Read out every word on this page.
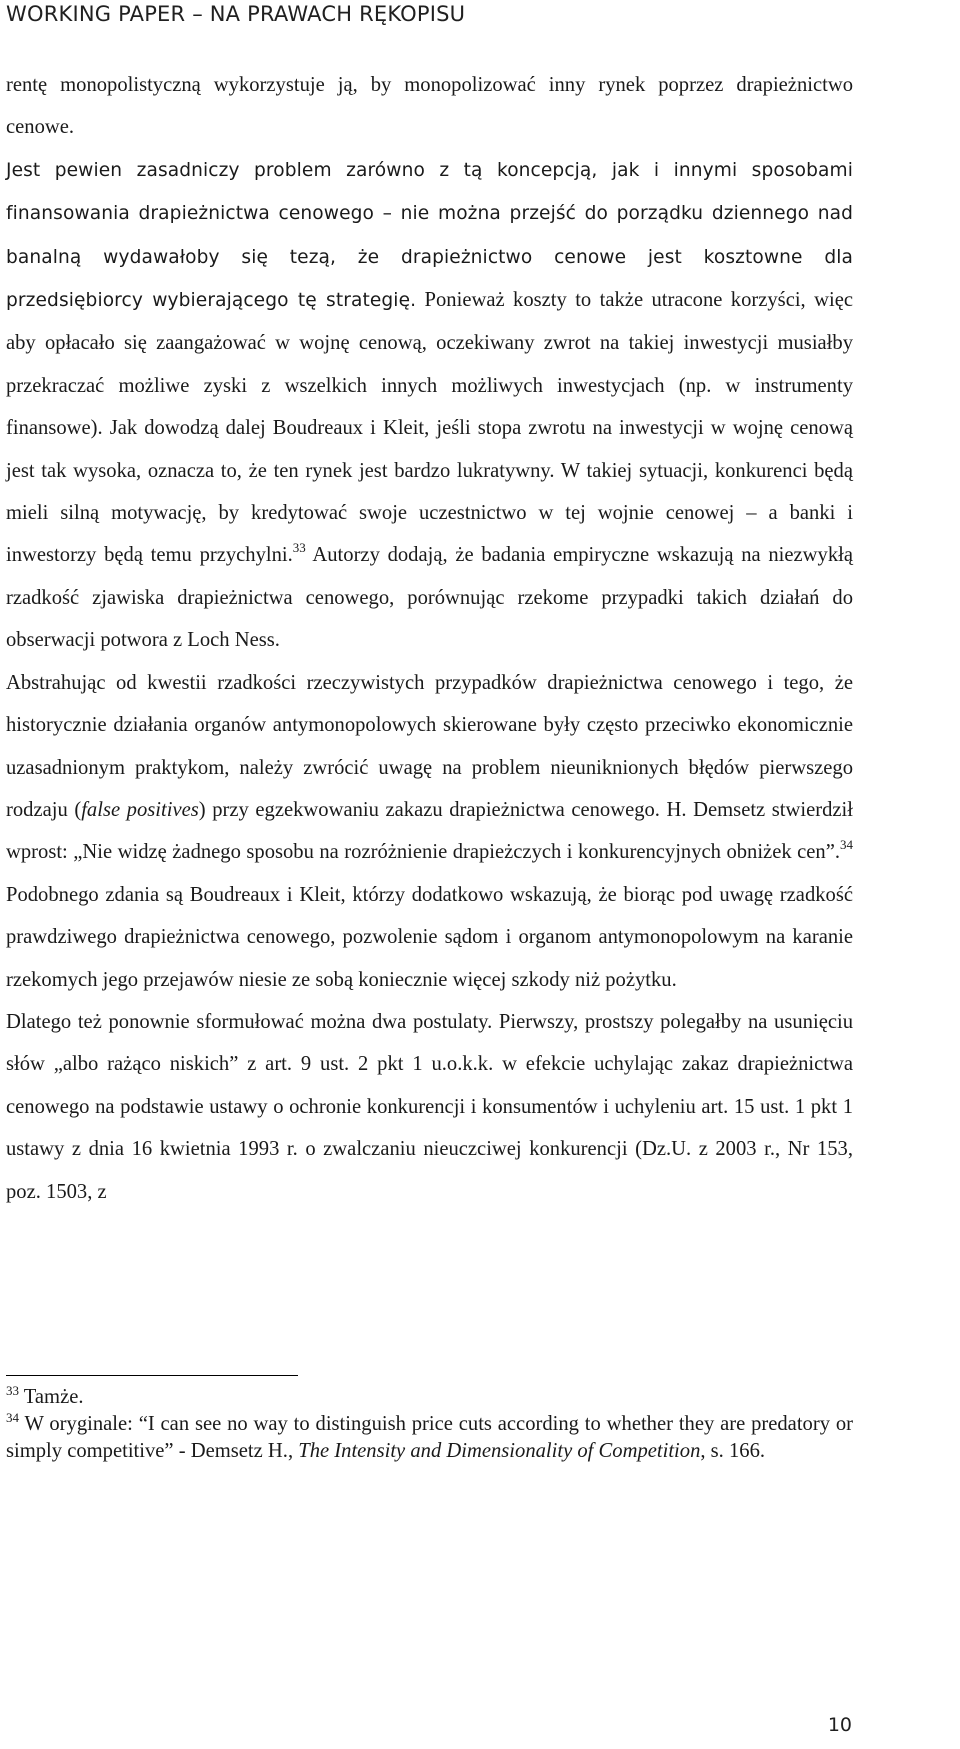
WORKING PAPER – NA PRAWACH RĘKOPISU

rentę monopolistyczną wykorzystuje ją, by monopolizować inny rynek poprzez drapieżnictwo cenowe.

Jest pewien zasadniczy problem zarówno z tą koncepcją, jak i innymi sposobami finansowania drapieżnictwa cenowego – nie można przejść do porządku dziennego nad banalną wydawałoby się tezą, że drapieżnictwo cenowe jest kosztowne dla przedsiębiorcy wybierającego tę strategię. Ponieważ koszty to także utracone korzyści, więc aby opłacało się zaangażować w wojnę cenową, oczekiwany zwrot na takiej inwestycji musiałby przekraczać możliwe zyski z wszelkich innych możliwych inwestycjach (np. w instrumenty finansowe). Jak dowodzą dalej Boudreaux i Kleit, jeśli stopa zwrotu na inwestycji w wojnę cenową jest tak wysoka, oznacza to, że ten rynek jest bardzo lukratywny. W takiej sytuacji, konkurenci będą mieli silną motywację, by kredytować swoje uczestnictwo w tej wojnie cenowej – a banki i inwestorzy będą temu przychylni.$^{33}$ Autorzy dodają, że badania empiryczne wskazują na niezwykłą rzadkość zjawiska drapieżnictwa cenowego, porównując rzekome przypadki takich działań do obserwacji potwora z Loch Ness.

Abstrahując od kwestii rzadkości rzeczywistych przypadków drapieżnictwa cenowego i tego, że historycznie działania organów antymonopolowych skierowane były często przeciwko ekonomicznie uzasadnionym praktykom, należy zwrócić uwagę na problem nieuniknionych błędów pierwszego rodzaju (false positives) przy egzekwowaniu zakazu drapieżnictwa cenowego. H. Demsetz stwierdził wprost: „Nie widzę żadnego sposobu na rozróżnienie drapieżczych i konkurencyjnych obniżek cen”.$^{34}$ Podobnego zdania są Boudreaux i Kleit, którzy dodatkowo wskazują, że biorąc pod uwagę rzadkość prawdziwego drapieżnictwa cenowego, pozwolenie sądom i organom antymonopolowym na karanie rzekomych jego przejawów niesie ze sobą koniecznie więcej szkody niż pożytku.

Dlatego też ponownie sformułować można dwa postulaty. Pierwszy, prostszy polegałby na usunięciu słów „albo rażąco niskich” z art. 9 ust. 2 pkt 1 u.o.k.k. w efekcie uchylając zakaz drapieżnictwa cenowego na podstawie ustawy o ochronie konkurencji i konsumentów i uchyleniu art. 15 ust. 1 pkt 1 ustawy z dnia 16 kwietnia 1993 r. o zwalczaniu nieuczciwej konkurencji (Dz.U. z 2003 r., Nr 153, poz. 1503, z

$^{33}$ Tamże.

$^{34}$ W oryginale: “I can see no way to distinguish price cuts according to whether they are predatory or simply competitive” - Demsetz H., The Intensity and Dimensionality of Competition, s. 166.

10
